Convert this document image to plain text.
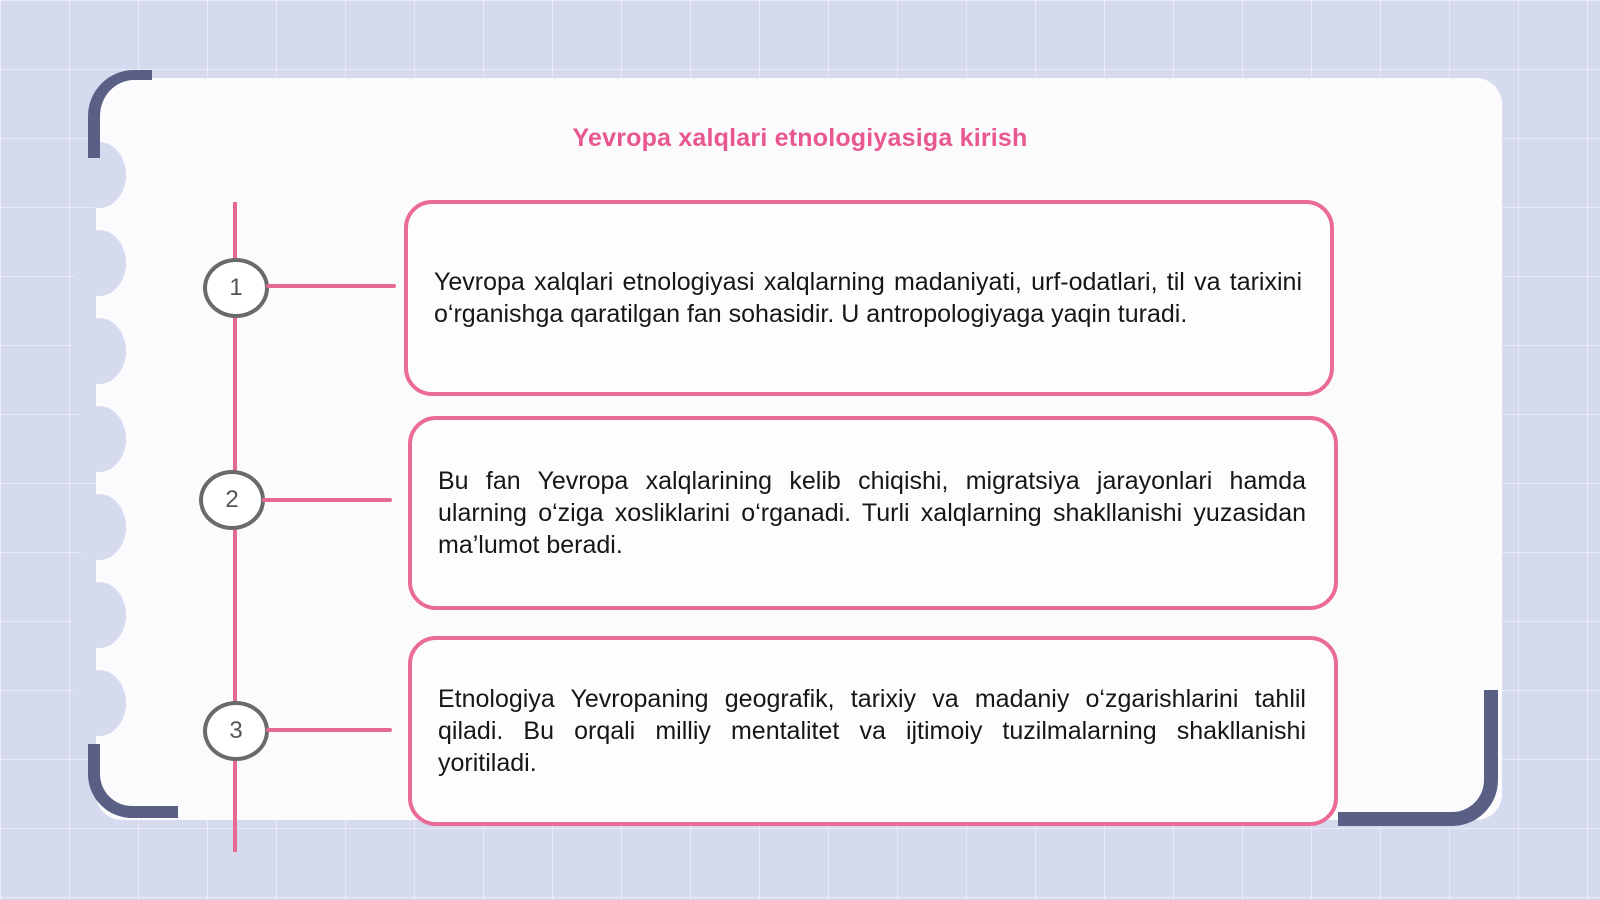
Yevropa xalqlari etnologiyasiga kirish
1	Yevropa xalqlari etnologiyasi xalqlarning madaniyati, urf-odatlari, til va tarixini o‘rganishga qaratilgan fan sohasidir. U antropologiyaga yaqin turadi.

2

Bu fan Yevropa xalqlarining kelib chiqishi, migratsiya jarayonlari hamda ularning o‘ziga xosliklarini o‘rganadi. Turli xalqlarning shakllanishi yuzasidan ma’lumot beradi.

3

Etnologiya Yevropaning geografik, tarixiy va madaniy o‘zgarishlarini tahlil qiladi. Bu orqali milliy mentalitet va ijtimoiy tuzilmalarning shakllanishi yoritiladi.
